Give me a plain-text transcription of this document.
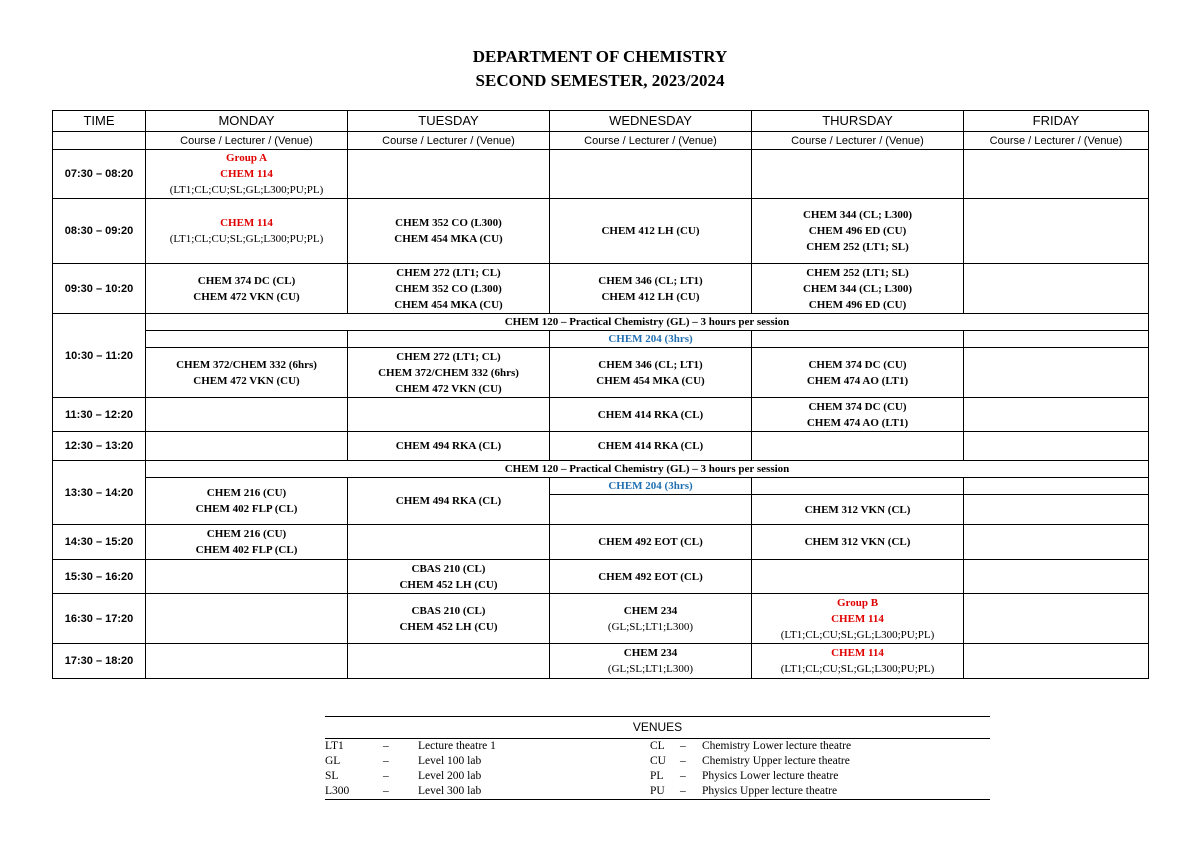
DEPARTMENT OF CHEMISTRY
SECOND SEMESTER, 2023/2024
TIME	MONDAY	TUESDAY	WEDNESDAY	THURSDAY	FRIDAY
	Course / Lecturer / (Venue)	Course / Lecturer / (Venue)	Course / Lecturer / (Venue)	Course / Lecturer / (Venue)	Course / Lecturer / (Venue)
07:30 – 08:20	Group A
CHEM 114
(LT1;CL;CU;SL;GL;L300;PU;PL)				

08:30 – 09:20	CHEM 114
(LT1;CL;CU;SL;GL;L300;PU;PL)	CHEM 352 CO (L300)
CHEM 454 MKA (CU)	CHEM 412 LH (CU)	CHEM 344 (CL; L300)
CHEM 496 ED (CU)
CHEM 252 (LT1; SL)	

09:30 – 10:20	CHEM 374 DC (CL)
CHEM 472 VKN (CU)	CHEM 272 (LT1; CL)
CHEM 352 CO (L300)
CHEM 454 MKA (CU)	CHEM 346 (CL; LT1)
CHEM 412 LH (CU)	CHEM 252 (LT1; SL)
CHEM 344 (CL; L300)
CHEM 496 ED (CU)	

10:30 – 11:20	CHEM 120 – Practical Chemistry (GL) – 3 hours per session				
			CHEM 204 (3hrs)		

	CHEM 372/CHEM 332 (6hrs)
CHEM 472 VKN (CU)	CHEM 272 (LT1; CL)
CHEM 372/CHEM 332 (6hrs)
CHEM 472 VKN (CU)	CHEM 346 (CL; LT1)
CHEM 454 MKA (CU)	CHEM 374 DC (CU)
CHEM 474 AO (LT1)	

11:30 – 12:20			CHEM 414 RKA (CL)	CHEM 374 DC (CU)
CHEM 474 AO (LT1)	

12:30 – 13:20		CHEM 494 RKA (CL)	CHEM 414 RKA (CL)		

13:30 – 14:20	CHEM 120 – Practical Chemistry (GL) – 3 hours per session				

	CHEM 216 (CU)
CHEM 402 FLP (CL)	CHEM 494 RKA (CL)	CHEM 204 (3hrs)		

				CHEM 312 VKN (CL)	

14:30 – 15:20	CHEM 216 (CU)
CHEM 402 FLP (CL)		CHEM 492 EOT (CL)	CHEM 312 VKN (CL)	

15:30 – 16:20		CBAS 210 (CL)
CHEM 452 LH (CU)	CHEM 492 EOT (CL)		

16:30 – 17:20		CBAS 210 (CL)
CHEM 452 LH (CU)	CHEM 234
(GL;SL;LT1;L300)	Group B
CHEM 114
(LT1;CL;CU;SL;GL;L300;PU;PL)	

17:30 – 18:20			CHEM 234
(GL;SL;LT1;L300)	CHEM 114
(LT1;CL;CU;SL;GL;L300;PU;PL)	

VENUES					
LT1	–	Lecture theatre 1	CL	–	Chemistry Lower lecture theatre
GL	–	Level 100 lab	CU	–	Chemistry Upper lecture theatre
SL	–	Level 200 lab	PL	–	Physics Lower lecture theatre
L300	–	Level 300 lab	PU	–	Physics Upper lecture theatre
